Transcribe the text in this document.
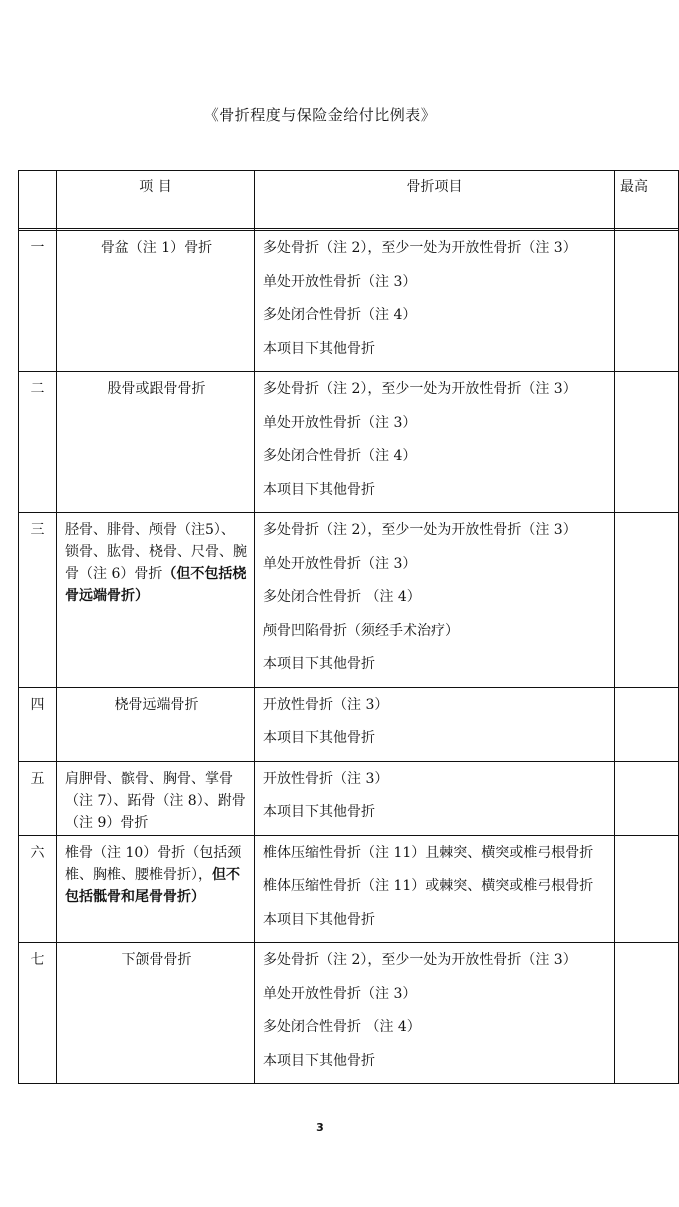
《骨折程度与保险金给付比例表》
	项 目	骨折项目	最高

一	骨盆（注 1）骨折	多处骨折（注 2），至少一处为开放性骨折（注 3）
单处开放性骨折（注 3）
多处闭合性骨折（注 4）
本项目下其他骨折	

二	股骨或跟骨骨折	多处骨折（注 2），至少一处为开放性骨折（注 3）
单处开放性骨折（注 3）
多处闭合性骨折（注 4）
本项目下其他骨折	

三	胫骨、腓骨、颅骨（注5）、锁骨、肱骨、桡骨、尺骨、腕骨（注 6）骨折（但不包括桡骨远端骨折）	多处骨折（注 2），至少一处为开放性骨折（注 3）
单处开放性骨折（注 3）
多处闭合性骨折 （注 4）
颅骨凹陷骨折（须经手术治疗）
本项目下其他骨折	

四	桡骨远端骨折	开放性骨折（注 3）
本项目下其他骨折	

五	肩胛骨、髌骨、胸骨、掌骨（注 7）、跖骨（注 8）、跗骨（注 9）骨折	开放性骨折（注 3）
本项目下其他骨折	

六	椎骨（注 10）骨折（包括颈椎、胸椎、腰椎骨折），但不包括骶骨和尾骨骨折）	椎体压缩性骨折（注 11）且棘突、横突或椎弓根骨折
椎体压缩性骨折（注 11）或棘突、横突或椎弓根骨折
本项目下其他骨折	

七	下颌骨骨折	多处骨折（注 2），至少一处为开放性骨折（注 3）
单处开放性骨折（注 3）
多处闭合性骨折 （注 4）
本项目下其他骨折	

3
